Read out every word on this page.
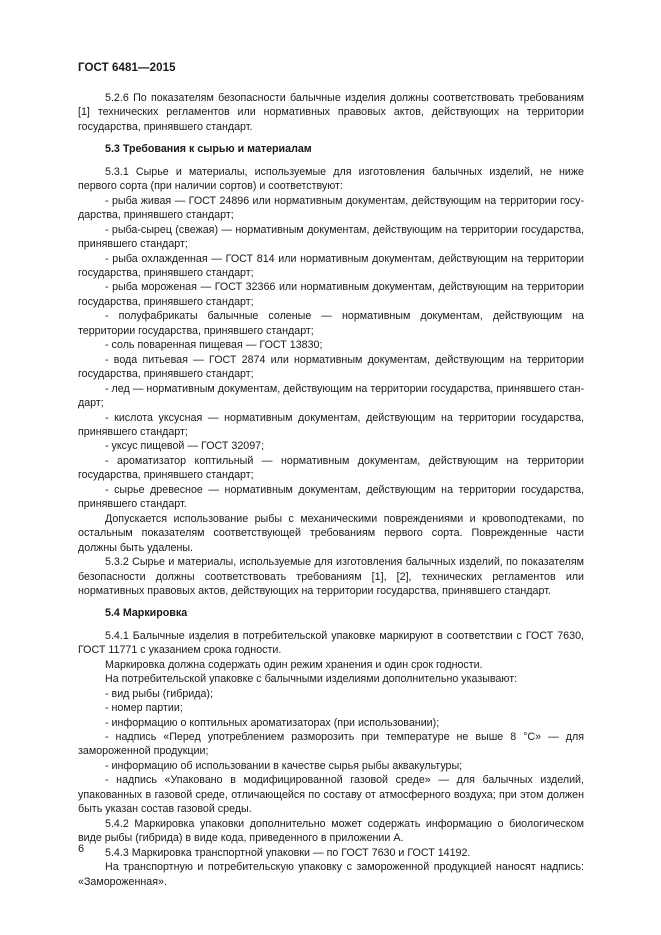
ГОСТ 6481—2015

5.2.6 По показателям безопасности балычные изделия должны соответствовать требованиям [1] технических регламентов или нормативных правовых актов, действующих на территории государства, принявшего стандарт.

5.3 Требования к сырью и материалам

5.3.1 Сырье и материалы, используемые для изготовления балычных изделий, не ниже первого сорта (при наличии сортов) и соответствуют:

- рыба живая — ГОСТ 24896 или нормативным документам, действующим на территории государства, принявшего стандарт;

- рыба-сырец (свежая) — нормативным документам, действующим на территории государства, принявшего стандарт;

- рыба охлажденная — ГОСТ 814 или нормативным документам, действующим на территории государства, принявшего стандарт;

- рыба мороженая — ГОСТ 32366 или нормативным документам, действующим на территории государства, принявшего стандарт;

- полуфабрикаты балычные соленые — нормативным документам, действующим на территории государства, принявшего стандарт;

- соль поваренная пищевая — ГОСТ 13830;

- вода питьевая — ГОСТ 2874 или нормативным документам, действующим на территории государства, принявшего стандарт;

- лед — нормативным документам, действующим на территории государства, принявшего стандарт;

- кислота уксусная — нормативным документам, действующим на территории государства, принявшего стандарт;

- уксус пищевой — ГОСТ 32097;

- ароматизатор коптильный — нормативным документам, действующим на территории государства, принявшего стандарт;

- сырье древесное — нормативным документам, действующим на территории государства, принявшего стандарт.

Допускается использование рыбы с механическими повреждениями и кровоподтеками, по остальным показателям соответствующей требованиям первого сорта. Поврежденные части должны быть удалены.

5.3.2 Сырье и материалы, используемые для изготовления балычных изделий, по показателям безопасности должны соответствовать требованиям [1], [2], технических регламентов или нормативных правовых актов, действующих на территории государства, принявшего стандарт.

5.4 Маркировка

5.4.1 Балычные изделия в потребительской упаковке маркируют в соответствии с ГОСТ 7630, ГОСТ 11771 с указанием срока годности.

Маркировка должна содержать один режим хранения и один срок годности.

На потребительской упаковке с балычными изделиями дополнительно указывают:

- вид рыбы (гибрида);

- номер партии;

- информацию о коптильных ароматизаторах (при использовании);

- надпись «Перед употреблением разморозить при температуре не выше 8 °С» — для замороженной продукции;

- информацию об использовании в качестве сырья рыбы аквакультуры;

- надпись «Упаковано в модифицированной газовой среде» — для балычных изделий, упакованных в газовой среде, отличающейся по составу от атмосферного воздуха; при этом должен быть указан состав газовой среды.

5.4.2 Маркировка упаковки дополнительно может содержать информацию о биологическом виде рыбы (гибрида) в виде кода, приведенного в приложении А.

5.4.3 Маркировка транспортной упаковки — по ГОСТ 7630 и ГОСТ 14192.

На транспортную и потребительскую упаковку с замороженной продукцией наносят надпись: «Замороженная».

6
